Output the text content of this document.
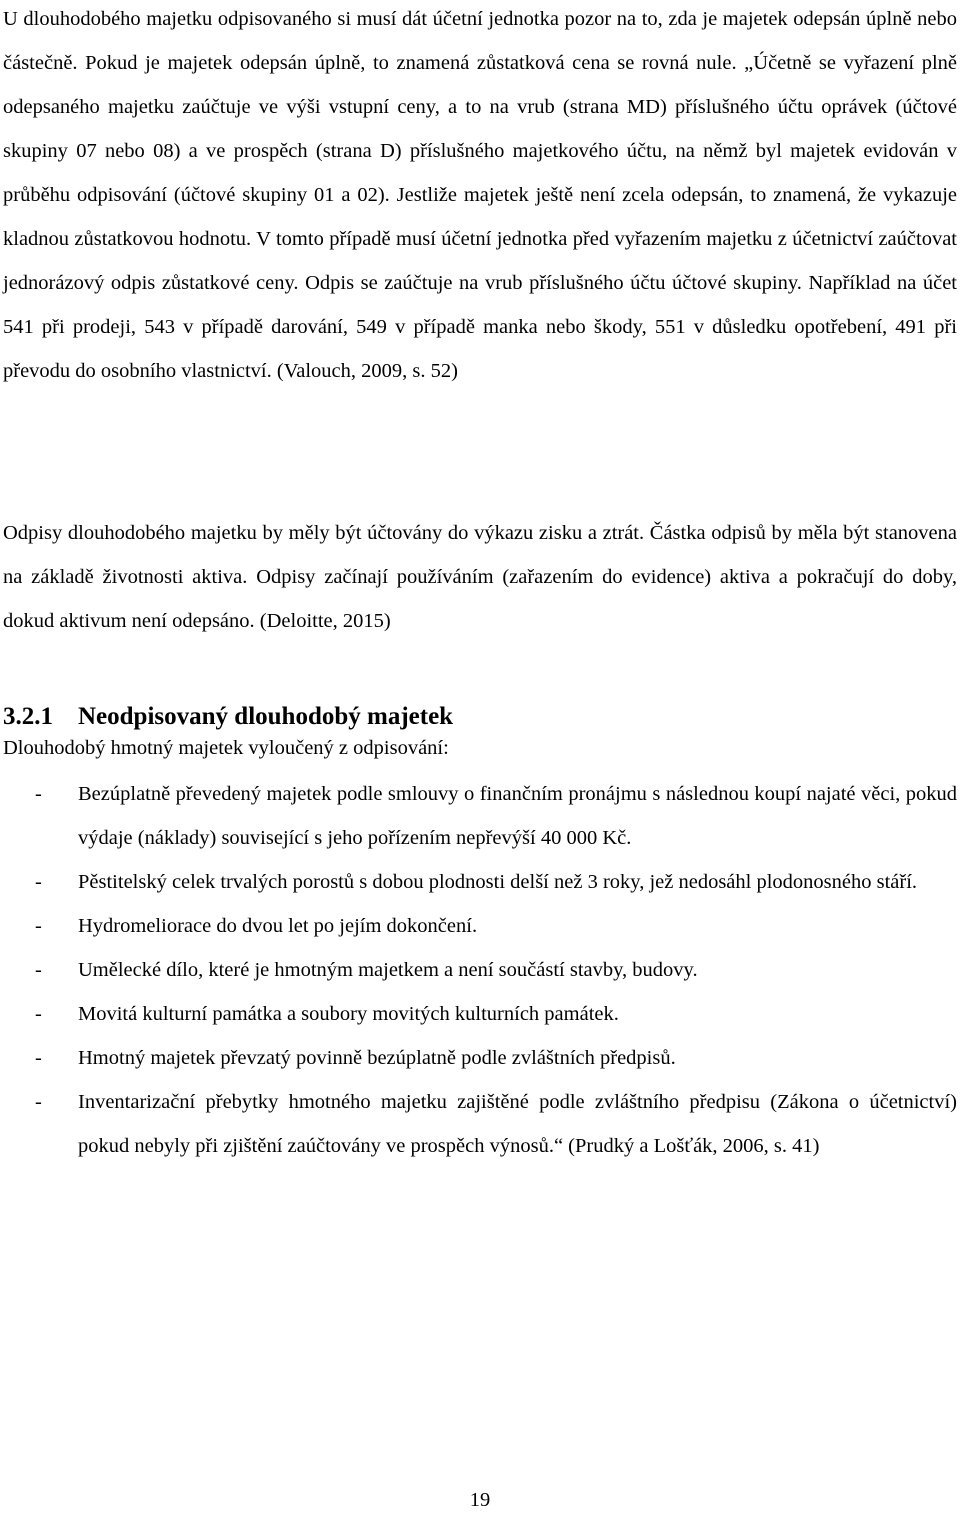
U dlouhodobého majetku odpisovaného si musí dát účetní jednotka pozor na to, zda je majetek odepsán úplně nebo částečně. Pokud je majetek odepsán úplně, to znamená zůstatková cena se rovná nule. „Účetně se vyřazení plně odepsaného majetku zaúčtuje ve výši vstupní ceny, a to na vrub (strana MD) příslušného účtu oprávek (účtové skupiny 07 nebo 08) a ve prospěch (strana D) příslušného majetkového účtu, na němž byl majetek evidován v průběhu odpisování (účtové skupiny 01 a 02). Jestliže majetek ještě není zcela odepsán, to znamená, že vykazuje kladnou zůstatkovou hodnotu. V tomto případě musí účetní jednotka před vyřazením majetku z účetnictví zaúčtovat jednorázový odpis zůstatkové ceny. Odpis se zaúčtuje na vrub příslušného účtu účtové skupiny. Například na účet 541 při prodeji, 543 v případě darování, 549 v případě manka nebo škody, 551 v důsledku opotřebení, 491 při převodu do osobního vlastnictví. (Valouch, 2009, s. 52)

Odpisy dlouhodobého majetku by měly být účtovány do výkazu zisku a ztrát. Částka odpisů by měla být stanovena na základě životnosti aktiva. Odpisy začínají používáním (zařazením do evidence) aktiva a pokračují do doby, dokud aktivum není odepsáno. (Deloitte, 2015)

3.2.1 Neodpisovaný dlouhodobý majetek

Dlouhodobý hmotný majetek vyloučený z odpisování:

- Bezúplatně převedený majetek podle smlouvy o finančním pronájmu s následnou koupí najaté věci, pokud výdaje (náklady) související s jeho pořízením nepřevýší 40 000 Kč.
- Pěstitelský celek trvalých porostů s dobou plodnosti delší než 3 roky, jež nedosáhl plodonosného stáří.
- Hydromeliorace do dvou let po jejím dokončení.
- Umělecké dílo, které je hmotným majetkem a není součástí stavby, budovy.
- Movitá kulturní památka a soubory movitých kulturních památek.
- Hmotný majetek převzatý povinně bezúplatně podle zvláštních předpisů.
- Inventarizační přebytky hmotného majetku zajištěné podle zvláštního předpisu (Zákona o účetnictví) pokud nebyly při zjištění zaúčtovány ve prospěch výnosů.“ (Prudký a Lošťák, 2006, s. 41)
19
